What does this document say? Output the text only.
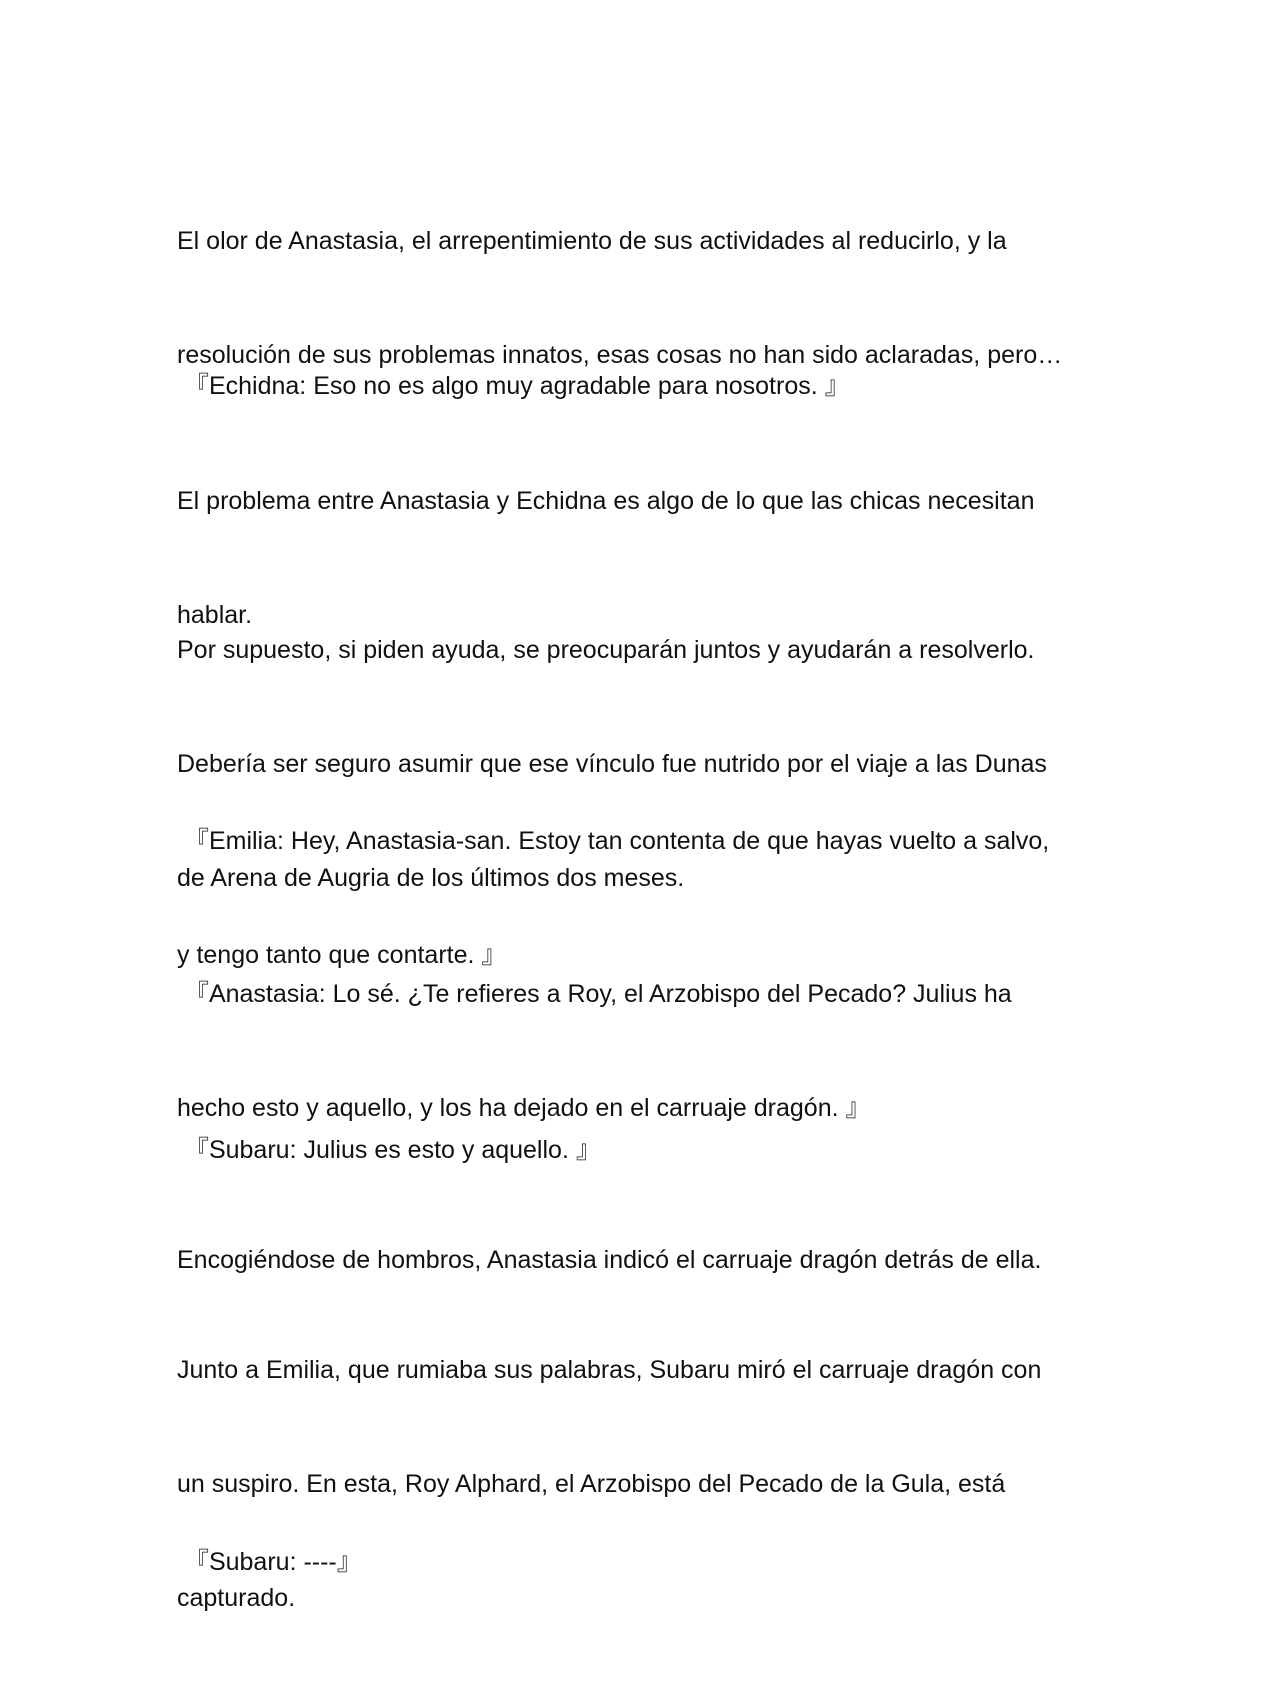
El olor de Anastasia, el arrepentimiento de sus actividades al reducirlo, y la

resolución de sus problemas innatos, esas cosas no han sido aclaradas, pero…

『Echidna: Eso no es algo muy agradable para nosotros. 』

El problema entre Anastasia y Echidna es algo de lo que las chicas necesitan

hablar.

Por supuesto, si piden ayuda, se preocuparán juntos y ayudarán a resolverlo.

Debería ser seguro asumir que ese vínculo fue nutrido por el viaje a las Dunas

de Arena de Augria de los últimos dos meses.

『Emilia: Hey, Anastasia-san. Estoy tan contenta de que hayas vuelto a salvo,

y tengo tanto que contarte. 』

『Anastasia: Lo sé. ¿Te refieres a Roy, el Arzobispo del Pecado? Julius ha

hecho esto y aquello, y los ha dejado en el carruaje dragón. 』

『Subaru: Julius es esto y aquello. 』

Encogiéndose de hombros, Anastasia indicó el carruaje dragón detrás de ella.

Junto a Emilia, que rumiaba sus palabras, Subaru miró el carruaje dragón con

un suspiro. En esta, Roy Alphard, el Arzobispo del Pecado de la Gula, está

capturado.

『Subaru: ----』
